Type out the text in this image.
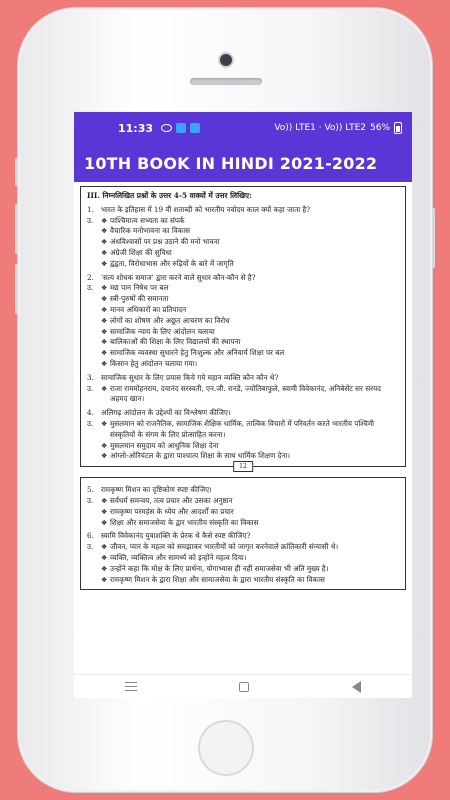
11:33	Vo)) LTE1 · Vo)) LTE2 56%
10TH BOOK IN HINDI 2021-2022
III. निम्नलिखित प्रश्नों के उत्तर 4-5 वाक्यों में उत्तर लिखिए:
1. भारत के इतिहास में 19 वीं शताब्दी को भारतीय नवोदय काल क्यों कहा जाता है?
उ.	❖ पाश्चिमात्य सभ्यता का संपर्क
❖ वैचारिक मनोभावना का विकास
❖ अंधविश्वासों पर प्रश्न उठाने की मनो भावना
❖ अंग्रेजी शिक्षा की सुविधा
❖ द्वंद्वता, विरोधाभास और रुढ़ियों के बारे में जागृति
2. 'सत्य शोधक समाज' द्वारा करने वाले सुधार कौन-कौन से है?
उ.	❖ मद्य पान निषेध पर बल
❖ स्त्री-पुरुषों की समानता
❖ मानव अधिकारों का प्रतिपादन
❖ लोगों का शोषण और अछूत आचरण का विरोध
❖ सामाजिक न्याय के लिए आंदोलन चलाया
❖ बालिकाओं की शिक्षा के लिए विद्यालयों की स्थापना
❖ सामाजिक व्यवस्था सुधारने हेतु निःशुल्क और अनिवार्य शिक्षा पर बल
❖ किसान हेतु आंदोलन चलाया गया।
3. सामाजिक सुधार के लिए प्रयास किये गये महान व्यक्ति कौन कौन थे?
उ.	❖ राजा राममोहनराय, दयानंद सरस्वती, एन.जी. रानडे, ज्योतिबाफुले, स्वामी विवेकानंद, अनिबेसेंट सर सरयद अहमद खान।
4. अलिगढ़ आंदोलन के उद्देश्यों का विश्लेषण कीजिए।
उ.	❖ मुसलमान को राजनैतिक, सामाजिक शैक्षिक धार्मिक, तात्विक विचारों में परिवर्तन करते भारतीय पश्चिमी संस्कृतियों के संगम के लिए प्रोत्साहित करना।
❖ मुसलमान समुदाय को आधुनिक शिक्षा देना
❖ आंग्लो-ओरियंटल के द्वारा पाश्चात्य शिक्षा के साथ धार्मिक शिक्षण देना।
12
5. रामकृष्ण मिशन का दृष्टिकोण स्पष्ट कीजिए।
उ.	❖ सर्वधर्म समन्वय, तत्व प्रचार और उसका अनुष्ठान
❖ रामकृष्ण परमहंस के ध्येय और आदर्शों का प्रचार
❖ शिक्षा और समाजसेवा के द्वार भारतीय संस्कृति का विकास
6. स्वामि विवेकानंद युवाशक्ति के प्रेरक थे कैसे स्पष्ट कीजिए?
उ.	❖ जीवन, प्यार के महत्व को समझाकर भारतीयों को जागृत करनेवाले क्रांतिकारी संन्यासी थे।
❖ व्यक्ति, व्यक्तित्व और सामर्थ्य को इन्होंने महत्व दिया।
❖ उन्होंने कहा कि मोक्ष के लिए प्रार्थना, योगाभ्यास ही नहीं समाजसेवा भी अति मुख्य है।
❖ रामकृष्ण मिशन के द्वारा शिक्षा और सामाजसेवा के द्वारा भारतीय संस्कृति का विकास
